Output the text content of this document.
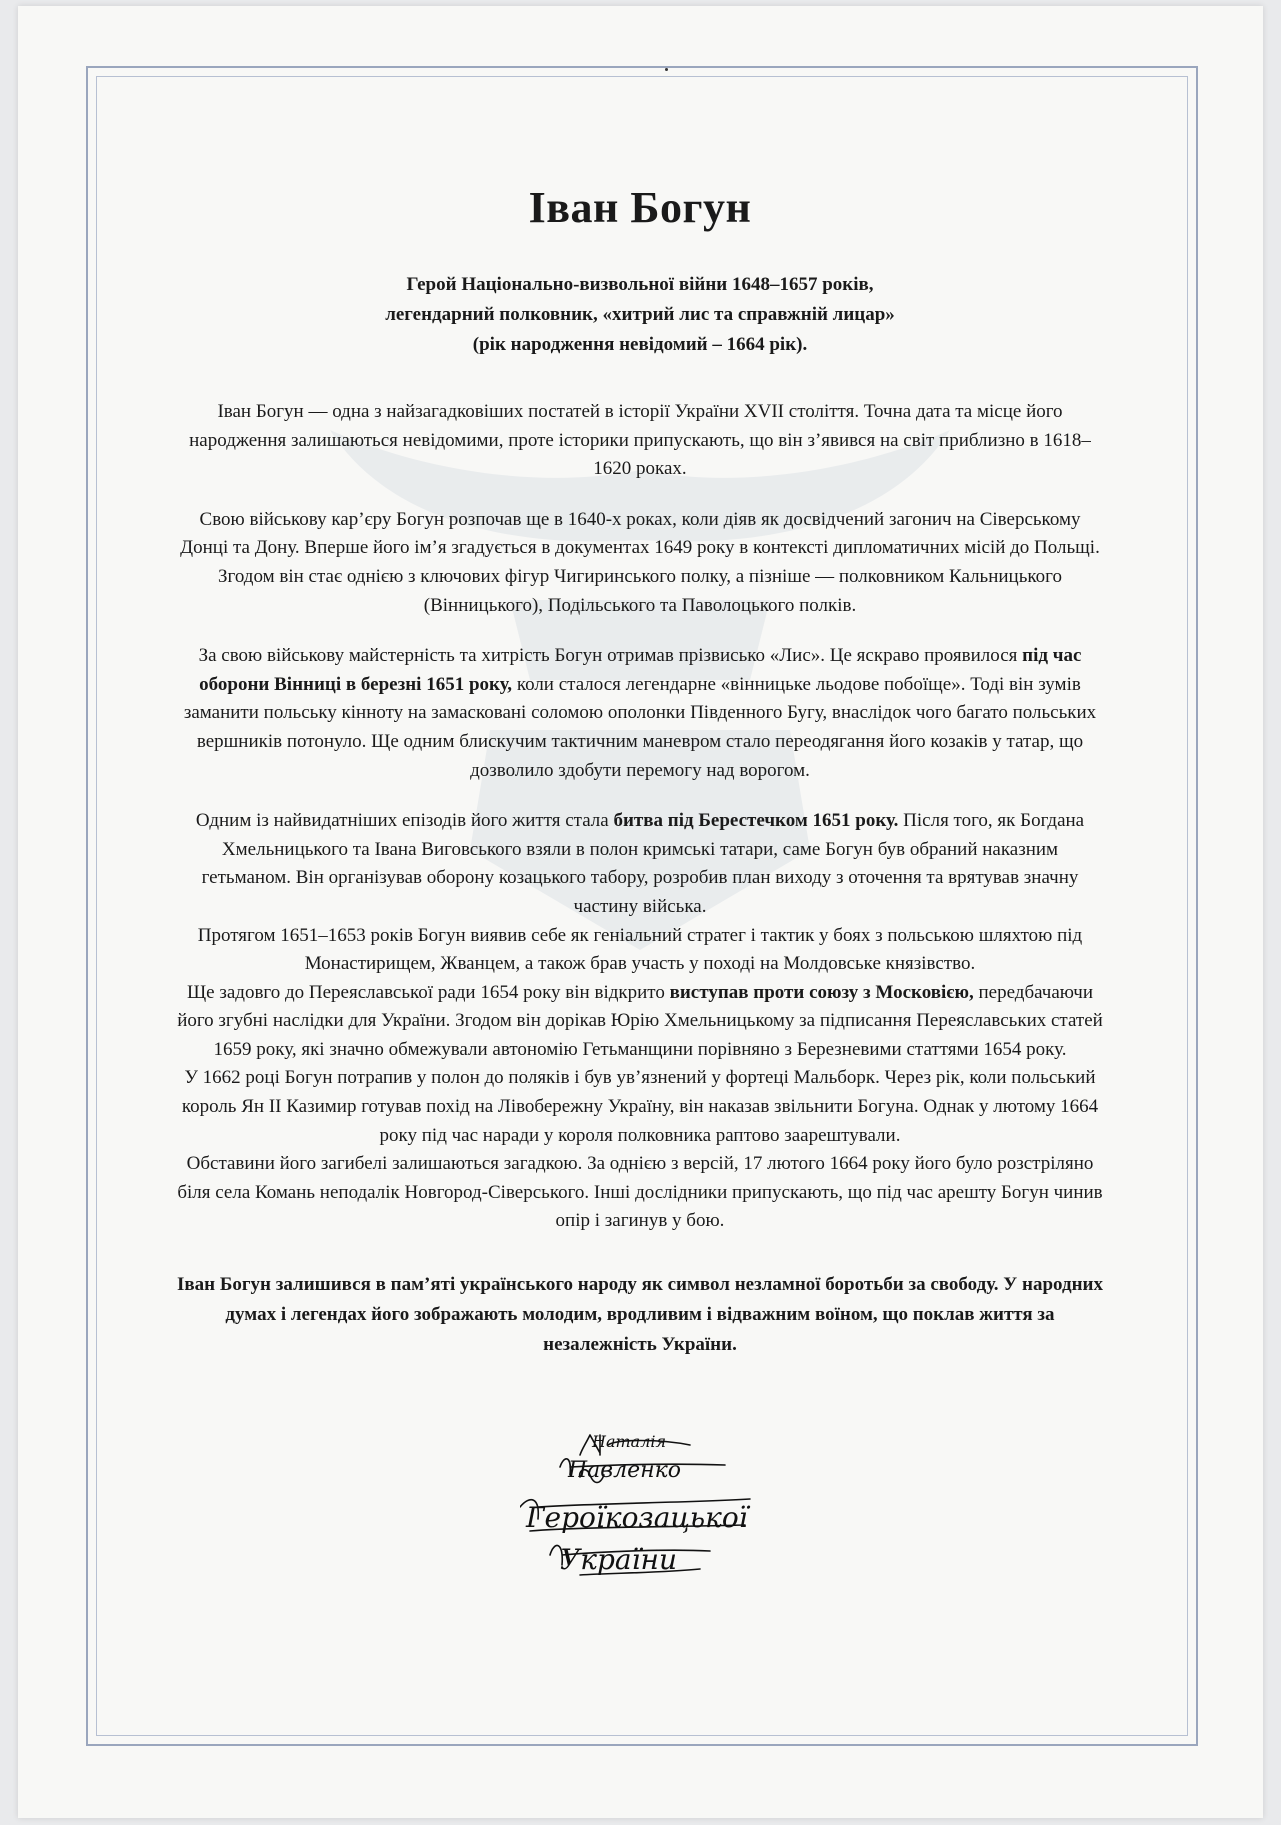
Іван Богун
Герой Національно-визвольної війни 1648–1657 років,
легендарний полковник, «хитрий лис та справжній лицар»
(рік народження невідомий – 1664 рік).

Іван Богун — одна з найзагадковіших постатей в історії України XVII століття. Точна дата та місце його народження залишаються невідомими, проте історики припускають, що він з’явився на світ приблизно в 1618–1620 роках.

Свою військову кар’єру Богун розпочав ще в 1640-х роках, коли діяв як досвідчений загонич на Сіверському Донці та Дону. Вперше його ім’я згадується в документах 1649 року в контексті дипломатичних місій до Польщі. Згодом він стає однією з ключових фігур Чигиринського полку, а пізніше — полковником Кальницького (Вінницького), Подільського та Паволоцького полків.

За свою військову майстерність та хитрість Богун отримав прізвисько «Лис». Це яскраво проявилося під час оборони Вінниці в березні 1651 року, коли сталося легендарне «вінницьке льодове побоїще». Тоді він зумів заманити польську кінноту на замасковані соломою ополонки Південного Бугу, внаслідок чого багато польських вершників потонуло. Ще одним блискучим тактичним маневром стало переодягання його козаків у татар, що дозволило здобути перемогу над ворогом.

Одним із найвидатніших епізодів його життя стала битва під Берестечком 1651 року. Після того, як Богдана Хмельницького та Івана Виговського взяли в полон кримські татари, саме Богун був обраний наказним гетьманом. Він організував оборону козацького табору, розробив план виходу з оточення та врятував значну частину війська.

Протягом 1651–1653 років Богун виявив себе як геніальний стратег і тактик у боях з польською шляхтою під Монастирищем, Жванцем, а також брав участь у поході на Молдовське князівство.

Ще задовго до Переяславської ради 1654 року він відкрито виступав проти союзу з Московією, передбачаючи його згубні наслідки для України. Згодом він дорікав Юрію Хмельницькому за підписання Переяславських статей 1659 року, які значно обмежували автономію Гетьманщини порівняно з Березневими статтями 1654 року.

У 1662 році Богун потрапив у полон до поляків і був ув’язнений у фортеці Мальборк. Через рік, коли польський король Ян II Казимир готував похід на Лівобережну Україну, він наказав звільнити Богуна. Однак у лютому 1664 року під час наради у короля полковника раптово заарештували.

Обставини його загибелі залишаються загадкою. За однією з версій, 17 лютого 1664 року його було розстріляно біля села Комань неподалік Новгород-Сіверського. Інші дослідники припускають, що під час арешту Богун чинив опір і загинув у бою.

Іван Богун залишився в пам’яті українського народу як символ незламної боротьби за свободу. У народних думах і легендах його зображають молодим, вродливим і відважним воїном, що поклав життя за незалежність України.

Наталія
Павленко
Героїкозацької
України
